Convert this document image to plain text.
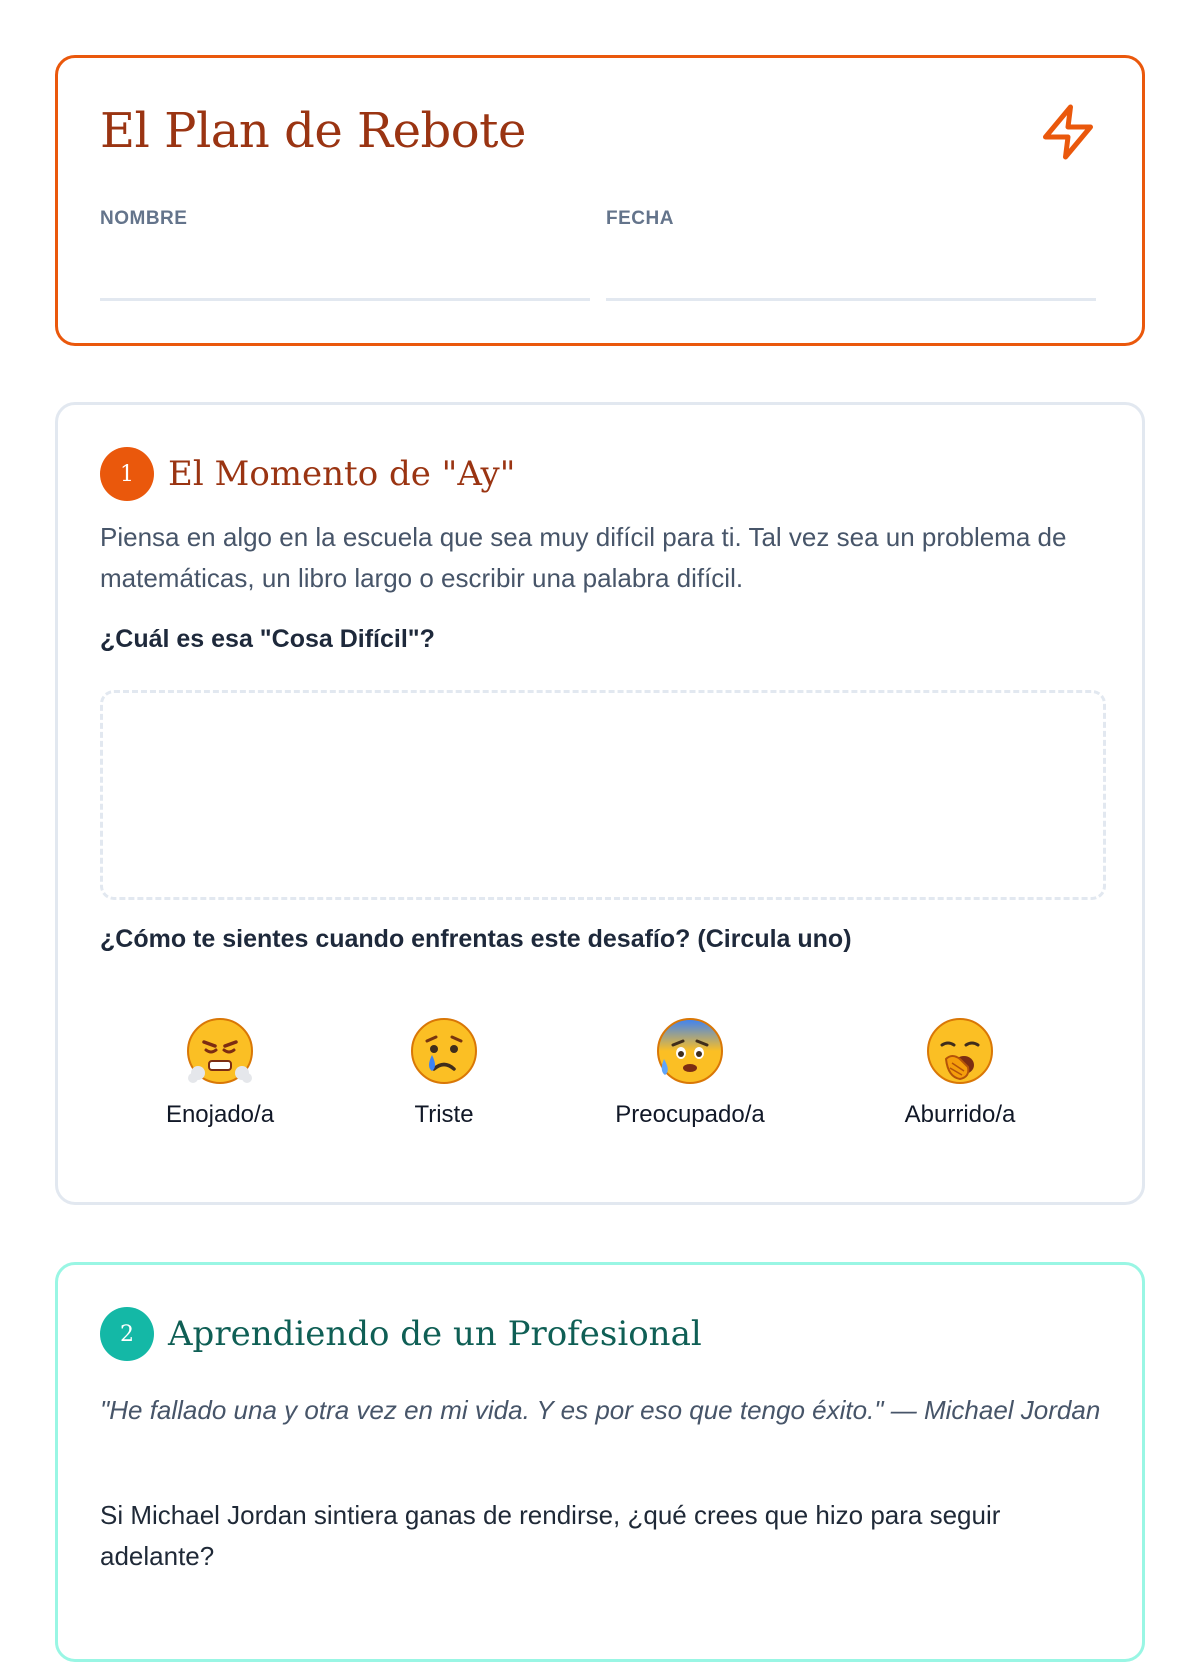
El Plan de Rebote
NOMBRE	FECHA
1	El Momento de "Ay"

Piensa en algo en la escuela que sea muy difícil para ti. Tal vez sea un problema de matemáticas, un libro largo o escribir una palabra difícil.

¿Cuál es esa "Cosa Difícil"?

¿Cómo te sientes cuando enfrentas este desafío? (Circula uno)

Enojado/a	Triste	Preocupado/a	Aburrido/a
2	Aprendiendo de un Profesional

"He fallado una y otra vez en mi vida. Y es por eso que tengo éxito." — Michael Jordan

Si Michael Jordan sintiera ganas de rendirse, ¿qué crees que hizo para seguir adelante?
